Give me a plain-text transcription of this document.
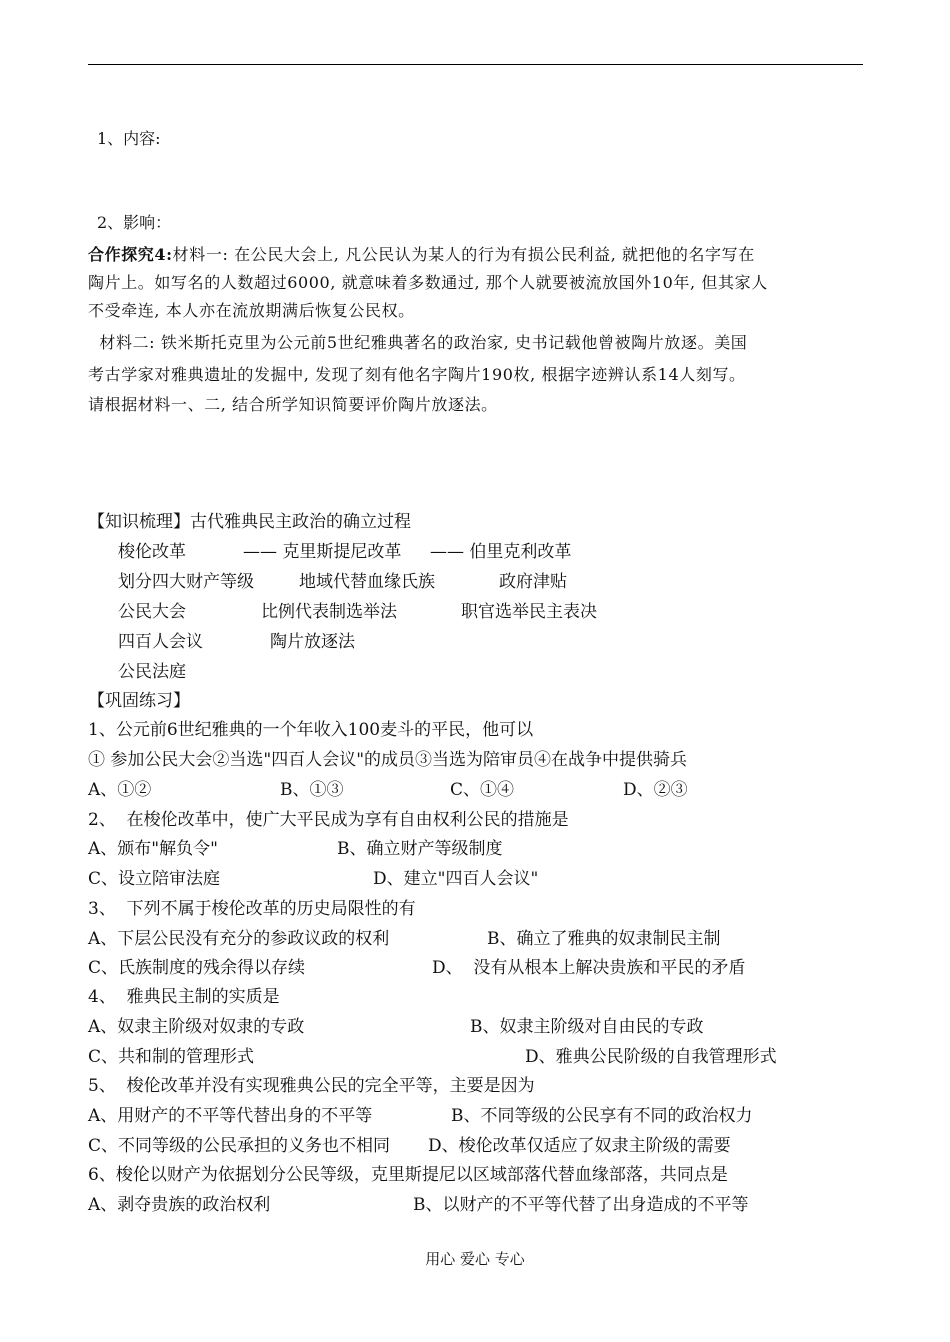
1、内容:
2、影响：
合作探究4:材料一: 在公民大会上, 凡公民认为某人的行为有损公民利益, 就把他的名字写在
陶片上。如写名的人数超过6000, 就意味着多数通过, 那个人就要被流放国外10年, 但其家人
不受牵连, 本人亦在流放期满后恢复公民权。
材料二: 铁米斯托克里为公元前5世纪雅典著名的政治家, 史书记载他曾被陶片放逐。美国
考古学家对雅典遗址的发掘中, 发现了刻有他名字陶片190枚, 根据字迹辨认系14人刻写。
请根据材料一、二, 结合所学知识简要评价陶片放逐法。
【知识梳理】古代雅典民主政治的确立过程
梭伦改革	—— 克里斯提尼改革 —— 伯里克利改革
划分四大财产等级	地域代替血缘氏族	政府津贴
公民大会	比例代表制选举法	职官选举民主表决
四百人会议	陶片放逐法
公民法庭
【巩固练习】
1、公元前6世纪雅典的一个年收入100麦斗的平民，他可以
① 参加公民大会②当选"四百人会议"的成员③当选为陪审员④在战争中提供骑兵
A、①②	B、①③	C、①④	D、②③
2、  在梭伦改革中，使广大平民成为享有自由权利公民的措施是
A、颁布"解负令"	B、确立财产等级制度
C、设立陪审法庭	D、建立"四百人会议"
3、  下列不属于梭伦改革的历史局限性的有
A、下层公民没有充分的参政议政的权利	B、确立了雅典的奴隶制民主制
C、氏族制度的残余得以存续	D、  没有从根本上解决贵族和平民的矛盾
4、  雅典民主制的实质是
A、奴隶主阶级对奴隶的专政	B、奴隶主阶级对自由民的专政
C、共和制的管理形式	D、雅典公民阶级的自我管理形式
5、  梭伦改革并没有实现雅典公民的完全平等，主要是因为
A、用财产的不平等代替出身的不平等	B、不同等级的公民享有不同的政治权力
C、不同等级的公民承担的义务也不相同 D、梭伦改革仅适应了奴隶主阶级的需要
6、梭伦以财产为依据划分公民等级，克里斯提尼以区域部落代替血缘部落，共同点是
A、剥夺贵族的政治权利	B、以财产的不平等代替了出身造成的不平等
用心 爱心 专心
